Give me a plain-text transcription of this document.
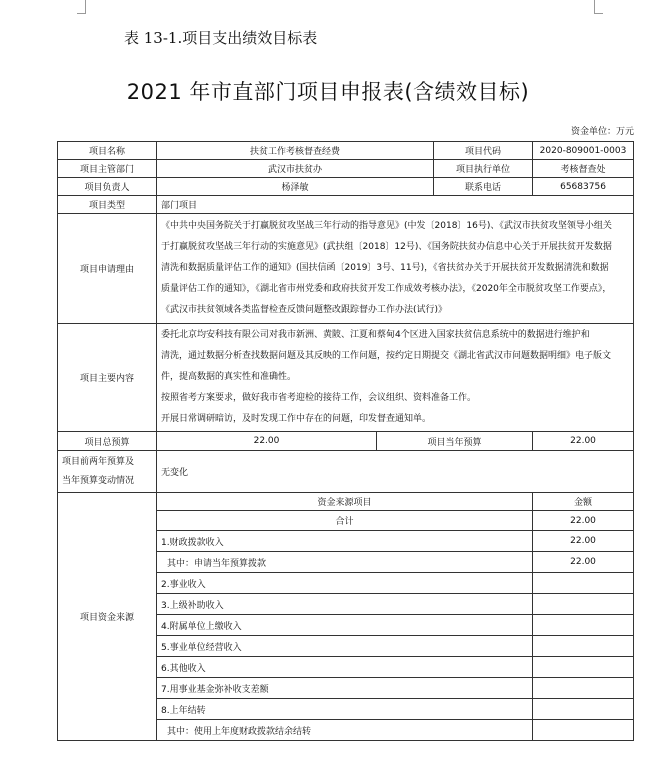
表 13-1.项目支出绩效目标表
2021 年市直部门项目申报表(含绩效目标)
资金单位：万元
项目名称	扶贫工作考核督查经费		项目代码	2020-809001-0003
项目主管部门	武汉市扶贫办		项目执行单位	考核督查处
项目负责人	杨泽敏		联系电话	65683756
项目类型	部门项目			
项目申请理由	《中共中央国务院关于打赢脱贫攻坚战三年行动的指导意见》(中发〔2018〕16号)、《武汉市扶贫攻坚领导小组关
于打赢脱贫攻坚战三年行动的实施意见》(武扶组〔2018〕12号)、《国务院扶贫办信息中心关于开展扶贫开发数据
清洗和数据质量评估工作的通知》(国扶信函〔2019〕3号、11号)，《省扶贫办关于开展扶贫开发数据清洗和数据
质量评估工作的通知》，《湖北省市州党委和政府扶贫开发工作成效考核办法》，《2020年全市脱贫攻坚工作要点》，
《武汉市扶贫领域各类监督检查反馈问题整改跟踪督办工作办法(试行)》			

项目主要内容	委托北京均安科技有限公司对我市新洲、黄陂、江夏和蔡甸4个区进入国家扶贫信息系统中的数据进行维护和
清洗，通过数据分析查找数据问题及其反映的工作问题，按约定日期提交《湖北省武汉市问题数据明细》电子版文
件，提高数据的真实性和准确性。
按照省考方案要求，做好我市省考迎检的接待工作，会议组织、资料准备工作。
开展日常调研暗访，及时发现工作中存在的问题，印发督查通知单。			

项目总预算	22.00	项目当年预算		22.00

项目前两年预算及
当年预算变动情况	无变化			
项目资金来源	资金来源项目			金额
	合计			22.00
	1.财政拨款收入			22.00
	其中：申请当年预算拨款			22.00
	2.事业收入			
	3.上级补助收入			
	4.附属单位上缴收入			
	5.事业单位经营收入			
	6.其他收入			
	7.用事业基金弥补收支差额			
	8.上年结转			
	其中：使用上年度财政拨款结余结转			
